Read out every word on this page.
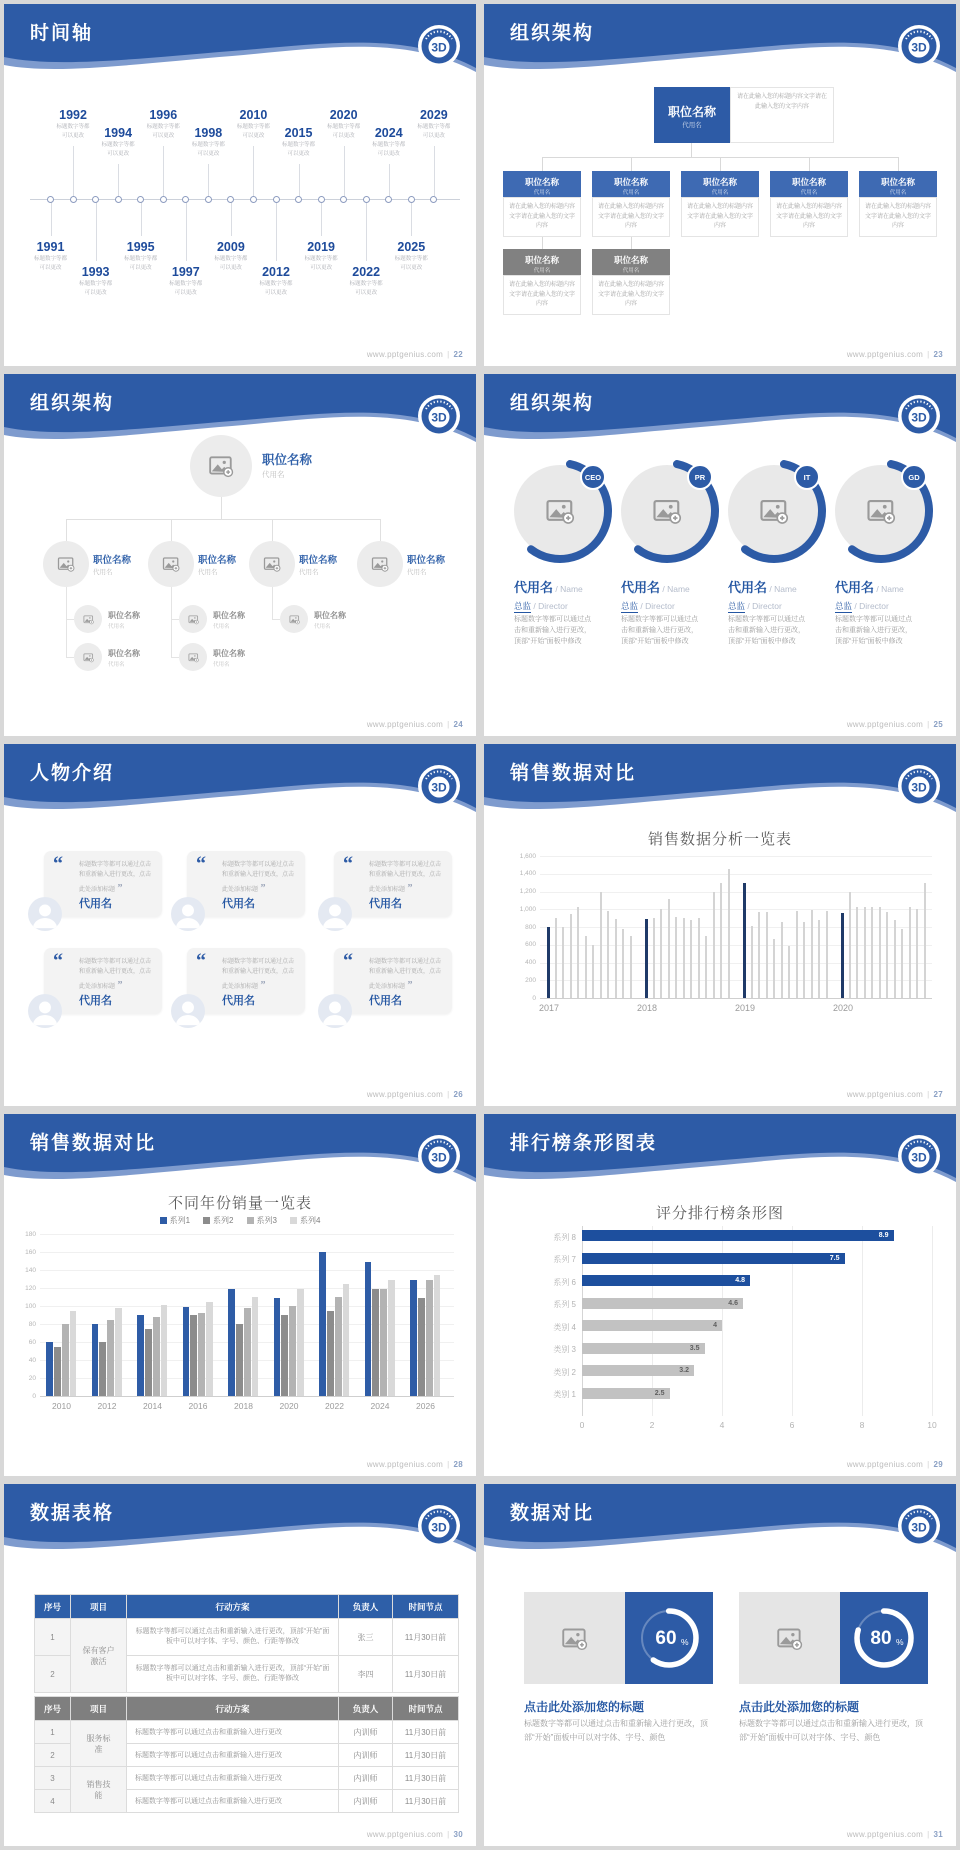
时间轴
3D
1991
标题数字等都
可以更改
1992
标题数字等都
可以更改
1993
标题数字等都
可以更改
1994
标题数字等都
可以更改
1995
标题数字等都
可以更改
1996
标题数字等都
可以更改
1997
标题数字等都
可以更改
1998
标题数字等都
可以更改
2009
标题数字等都
可以更改
2010
标题数字等都
可以更改
2012
标题数字等都
可以更改
2015
标题数字等都
可以更改
2019
标题数字等都
可以更改
2020
标题数字等都
可以更改
2022
标题数字等都
可以更改
2024
标题数字等都
可以更改
2025
标题数字等都
可以更改
2029
标题数字等都
可以更改
www.pptgenius.com | 22
组织架构
3D
职位名称
代用名
请在此输入您的标题内容文字请在此输入您的文字内容
职位名称
代用名
请在此输入您的标题内容文字请在此输入您的文字内容
职位名称
代用名
请在此输入您的标题内容文字请在此输入您的文字内容
职位名称
代用名
请在此输入您的标题内容文字请在此输入您的文字内容
职位名称
代用名
请在此输入您的标题内容文字请在此输入您的文字内容
职位名称
代用名
请在此输入您的标题内容文字请在此输入您的文字内容
职位名称
代用名
请在此输入您的标题内容文字请在此输入您的文字内容
职位名称
代用名
请在此输入您的标题内容文字请在此输入您的文字内容
www.pptgenius.com | 23
组织架构
3D
职位名称
代用名
职位名称
代用名
职位名称
代用名
职位名称
代用名
职位名称
代用名
职位名称
代用名
职位名称
代用名
职位名称
代用名
职位名称
代用名
职位名称
代用名
www.pptgenius.com | 24
组织架构
3D
CEO
代用名 / Name
总监 / Director
标题数字等都可以通过点击和重新输入进行更改，顶部“开始”面板中修改
PR
代用名 / Name
总监 / Director
标题数字等都可以通过点击和重新输入进行更改，顶部“开始”面板中修改
IT
代用名 / Name
总监 / Director
标题数字等都可以通过点击和重新输入进行更改，顶部“开始”面板中修改
GD
代用名 / Name
总监 / Director
标题数字等都可以通过点击和重新输入进行更改，顶部“开始”面板中修改
www.pptgenius.com | 25
人物介绍
3D
“	标题数字等都可以通过点击和重新输入进行更改，点击此处添加标题 ”
代用名
“	标题数字等都可以通过点击和重新输入进行更改，点击此处添加标题 ”
代用名
“	标题数字等都可以通过点击和重新输入进行更改，点击此处添加标题 ”
代用名
“	标题数字等都可以通过点击和重新输入进行更改，点击此处添加标题 ”
代用名
“	标题数字等都可以通过点击和重新输入进行更改，点击此处添加标题 ”
代用名
“	标题数字等都可以通过点击和重新输入进行更改，点击此处添加标题 ”
代用名
www.pptgenius.com | 26
销售数据对比
3D
销售数据分析一览表
1,600
1,400
1,200
1,000
800
600
400
200
0
2017	2018	2019	2020
www.pptgenius.com | 27
销售数据对比
3D
不同年份销量一览表
系列1	系列2	系列3	系列4
180
160
140
120
100
80
60
40
20
0
2010	2012	2014	2016	2018	2020	2022	2024	2026
www.pptgenius.com | 28
排行榜条形图表
3D
评分排行榜条形图
0	2	4	6	8	10
系列 8	8.9
系列 7	7.5
系列 6	4.8
系列 5	4.6
类别 4	4
类别 3	3.5
类别 2	3.2
类别 1	2.5
www.pptgenius.com | 29
数据表格
3D
序号	项目	行动方案	负责人	时间节点
1	保有客户激活	标题数字等都可以通过点击和重新输入进行更改，顶部“开始”面板中可以对字体、字号、颜色、行距等修改	张三	11月30日前
2		标题数字等都可以通过点击和重新输入进行更改，顶部“开始”面板中可以对字体、字号、颜色、行距等修改	李四	11月30日前
序号	项目	行动方案	负责人	时间节点
1	服务标准	标题数字等都可以通过点击和重新输入进行更改	内训师	11月30日前
2		标题数字等都可以通过点击和重新输入进行更改	内训师	11月30日前
3	销售技能	标题数字等都可以通过点击和重新输入进行更改	内训师	11月30日前
4		标题数字等都可以通过点击和重新输入进行更改	内训师	11月30日前
www.pptgenius.com | 30
数据对比
3D
60 %
点击此处添加您的标题
标题数字等都可以通过点击和重新输入进行更改，顶部“开始”面板中可以对字体、字号、颜色
80 %
点击此处添加您的标题
标题数字等都可以通过点击和重新输入进行更改，顶部“开始”面板中可以对字体、字号、颜色
www.pptgenius.com | 31
